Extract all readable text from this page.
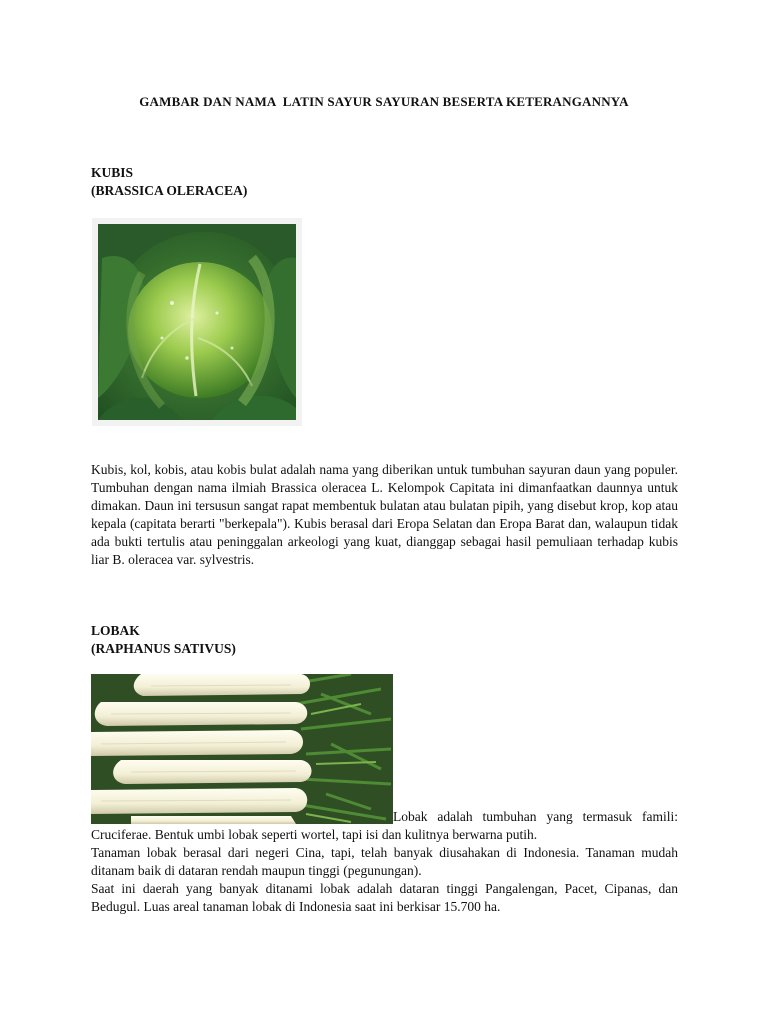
GAMBAR DAN NAMA  LATIN SAYUR SAYURAN BESERTA KETERANGANNYA
KUBIS
(BRASSICA OLERACEA)

Kubis, kol, kobis, atau kobis bulat adalah nama yang diberikan untuk tumbuhan sayuran daun yang populer. Tumbuhan dengan nama ilmiah Brassica oleracea L. Kelompok Capitata ini dimanfaatkan daunnya untuk dimakan. Daun ini tersusun sangat rapat membentuk bulatan atau bulatan pipih, yang disebut krop, kop atau kepala (capitata berarti "berkepala"). Kubis berasal dari Eropa Selatan dan Eropa Barat dan, walaupun tidak ada bukti tertulis atau peninggalan arkeologi yang kuat, dianggap sebagai hasil pemuliaan terhadap kubis liar B. oleracea var. sylvestris.

LOBAK
(RAPHANUS SATIVUS)

Lobak adalah tumbuhan yang termasuk famili: Cruciferae. Bentuk umbi lobak seperti wortel, tapi isi dan kulitnya berwarna putih.

Tanaman lobak berasal dari negeri Cina, tapi, telah banyak diusahakan di Indonesia. Tanaman mudah ditanam baik di dataran rendah maupun tinggi (pegunungan).

Saat ini daerah yang banyak ditanami lobak adalah dataran tinggi Pangalengan, Pacet, Cipanas, dan Bedugul. Luas areal tanaman lobak di Indonesia saat ini berkisar 15.700 ha.
